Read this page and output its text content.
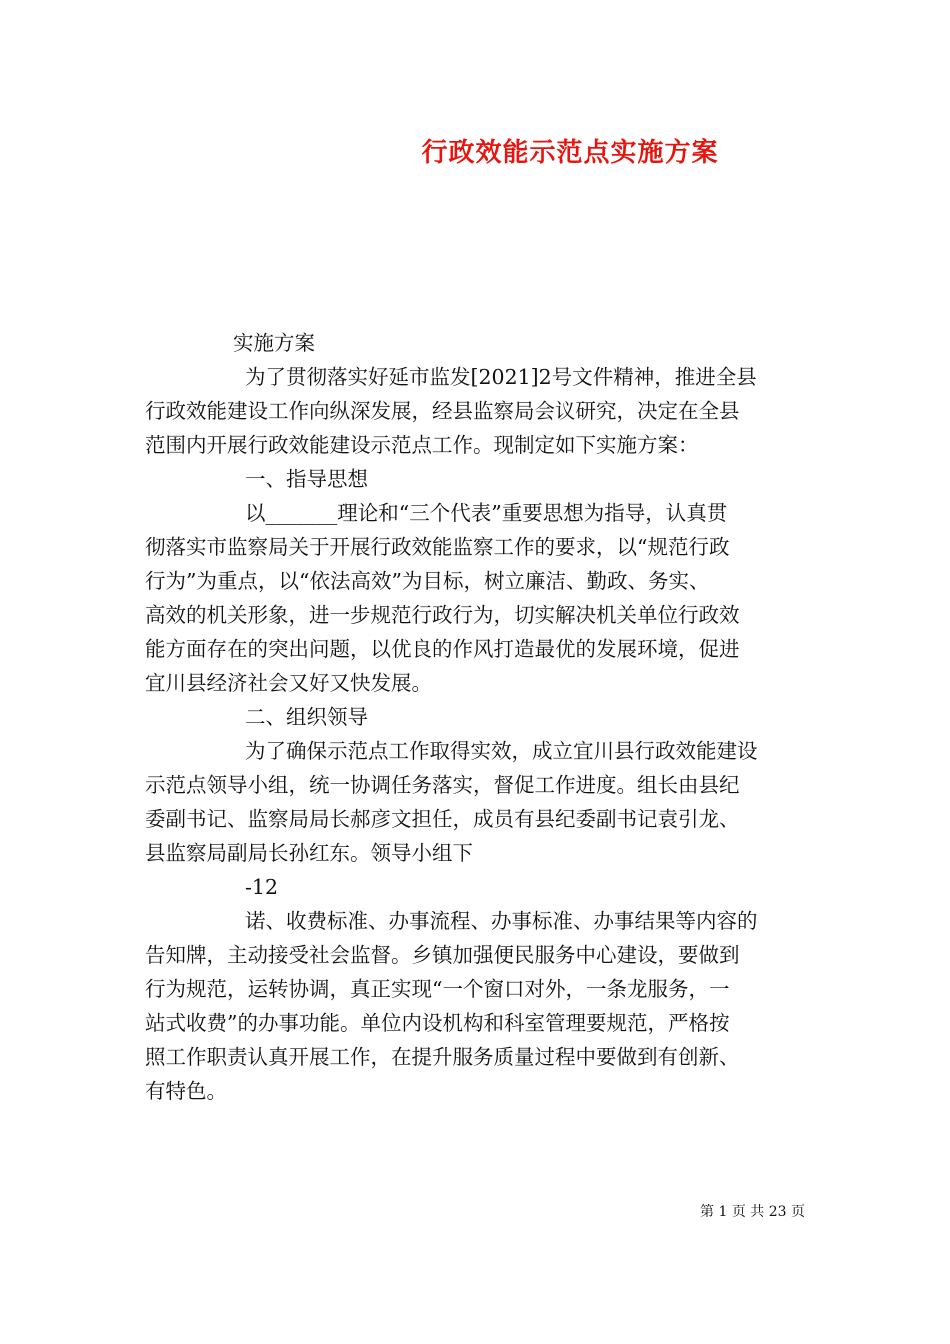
行政效能示范点实施方案
实施方案
为了贯彻落实好延市监发[2021]2号文件精神，推进全县
行政效能建设工作向纵深发展，经县监察局会议研究，决定在全县
范围内开展行政效能建设示范点工作。现制定如下实施方案：
一、指导思想
以_______理论和“三个代表”重要思想为指导，认真贯
彻落实市监察局关于开展行政效能监察工作的要求，以“规范行政
行为”为重点，以“依法高效”为目标，树立廉洁、勤政、务实、
高效的机关形象，进一步规范行政行为，切实解决机关单位行政效
能方面存在的突出问题，以优良的作风打造最优的发展环境，促进
宜川县经济社会又好又快发展。
二、组织领导
为了确保示范点工作取得实效，成立宜川县行政效能建设
示范点领导小组，统一协调任务落实，督促工作进度。组长由县纪
委副书记、监察局局长郝彦文担任，成员有县纪委副书记袁引龙、
县监察局副局长孙红东。领导小组下
-12
诺、收费标准、办事流程、办事标准、办事结果等内容的
告知牌，主动接受社会监督。乡镇加强便民服务中心建设，要做到
行为规范，运转协调，真正实现“一个窗口对外，一条龙服务，一
站式收费”的办事功能。单位内设机构和科室管理要规范，严格按
照工作职责认真开展工作，在提升服务质量过程中要做到有创新、
有特色。
第 1 页 共 23 页
